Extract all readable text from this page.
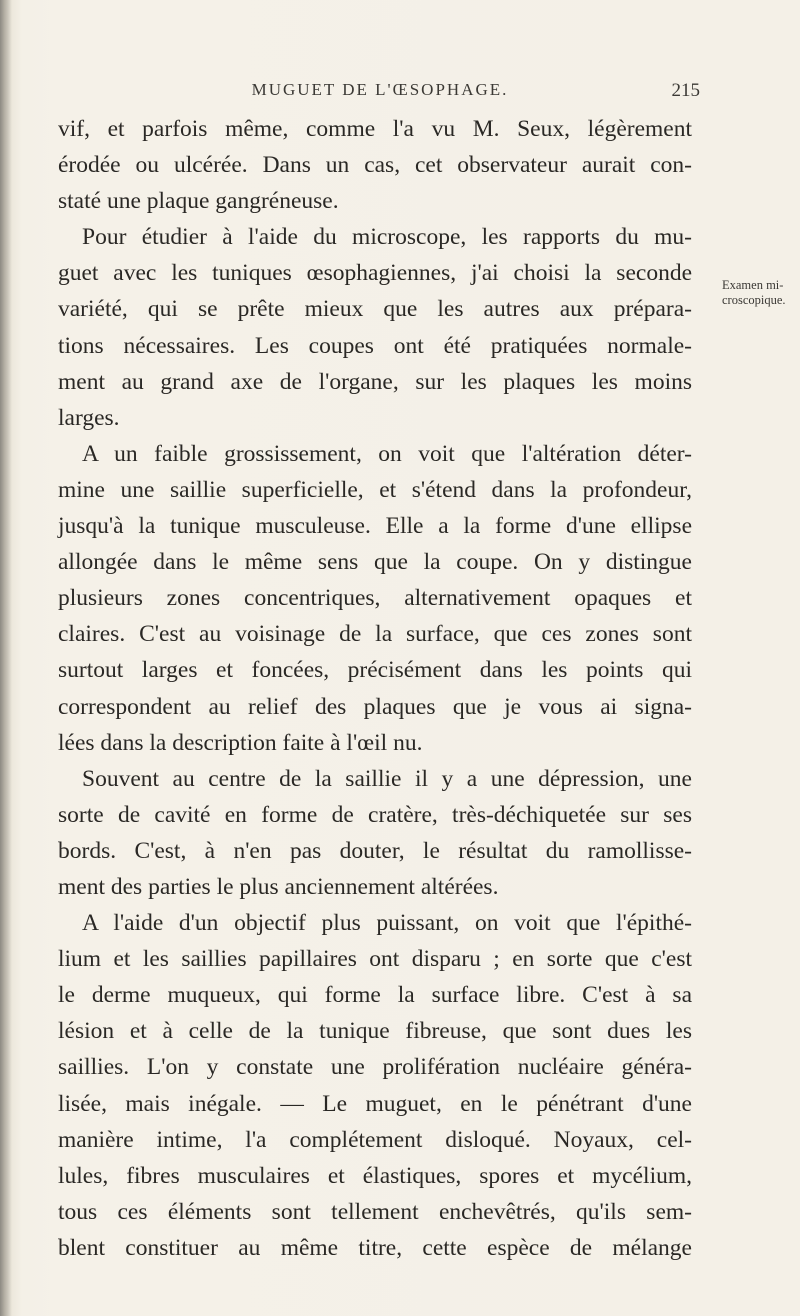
MUGUET DE L'ŒSOPHAGE.	215
Examen mi-
croscopique.
vif, et parfois même, comme l'a vu M. Seux, légèrement
érodée ou ulcérée. Dans un cas, cet observateur aurait con-
staté une plaque gangréneuse.
Pour étudier à l'aide du microscope, les rapports du mu-
guet avec les tuniques œsophagiennes, j'ai choisi la seconde
variété, qui se prête mieux que les autres aux prépara-
tions nécessaires. Les coupes ont été pratiquées normale-
ment au grand axe de l'organe, sur les plaques les moins
larges.
A un faible grossissement, on voit que l'altération déter-
mine une saillie superficielle, et s'étend dans la profondeur,
jusqu'à la tunique musculeuse. Elle a la forme d'une ellipse
allongée dans le même sens que la coupe. On y distingue
plusieurs zones concentriques, alternativement opaques et
claires. C'est au voisinage de la surface, que ces zones sont
surtout larges et foncées, précisément dans les points qui
correspondent au relief des plaques que je vous ai signa-
lées dans la description faite à l'œil nu.
Souvent au centre de la saillie il y a une dépression, une
sorte de cavité en forme de cratère, très-déchiquetée sur ses
bords. C'est, à n'en pas douter, le résultat du ramollisse-
ment des parties le plus anciennement altérées.
A l'aide d'un objectif plus puissant, on voit que l'épithé-
lium et les saillies papillaires ont disparu ; en sorte que c'est
le derme muqueux, qui forme la surface libre. C'est à sa
lésion et à celle de la tunique fibreuse, que sont dues les
saillies. L'on y constate une prolifération nucléaire généra-
lisée, mais inégale. — Le muguet, en le pénétrant d'une
manière intime, l'a complétement disloqué. Noyaux, cel-
lules, fibres musculaires et élastiques, spores et mycélium,
tous ces éléments sont tellement enchevêtrés, qu'ils sem-
blent constituer au même titre, cette espèce de mélange
